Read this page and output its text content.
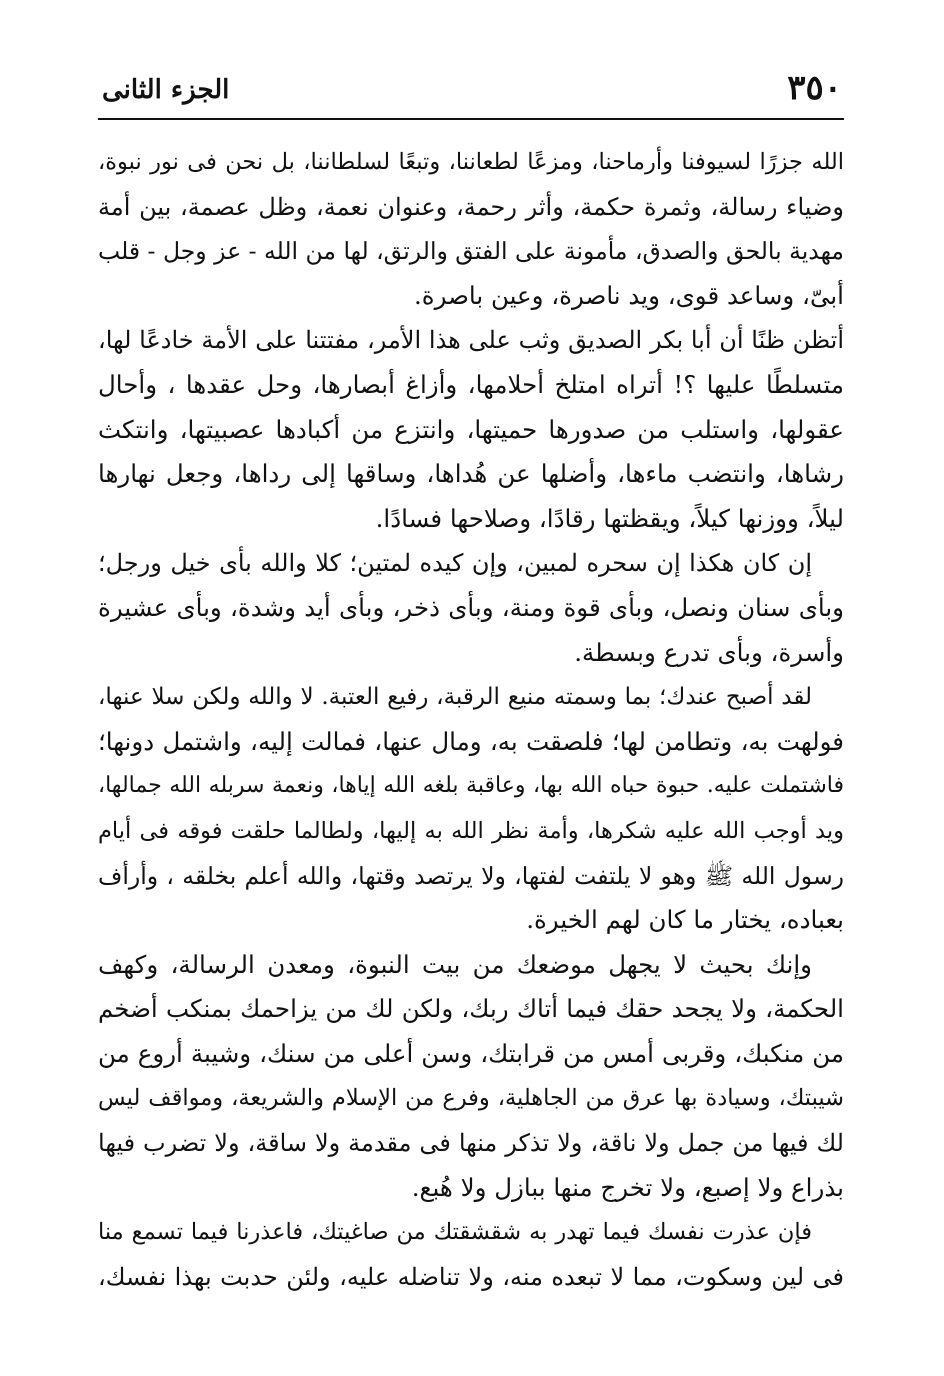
٣٥٠
الجزء الثانى
الله جزرًا لسيوفنا وأرماحنا، ومزعًا لطعاننا، وتبعًا لسلطاننا، بل نحن فى نور نبوة،
وضياء رسالة، وثمرة حكمة، وأثر رحمة، وعنوان نعمة، وظل عصمة، بين أمة
مهدية بالحق والصدق، مأمونة على الفتق والرتق، لها من الله - عز وجل - قلب
أبىّ، وساعد قوى، ويد ناصرة، وعين باصرة.
أتظن ظنًا أن أبا بكر الصديق وثب على هذا الأمر، مفتتنا على الأمة خادعًا لها،
متسلطًا عليها ؟! أتراه امتلخ أحلامها، وأزاغ أبصارها، وحل عقدها ، وأحال
عقولها، واستلب من صدورها حميتها، وانتزع من أكبادها عصبيتها، وانتكث
رشاها، وانتضب ماءها، وأضلها عن هُداها، وساقها إلى رداها، وجعل نهارها
ليلاً، ووزنها كيلاً، ويقظتها رقادًا، وصلاحها فسادًا.
إن كان هكذا إن سحره لمبين، وإن كيده لمتين؛ كلا والله بأى خيل ورجل؛
وبأى سنان ونصل، وبأى قوة ومنة، وبأى ذخر، وبأى أيد وشدة، وبأى عشيرة
وأسرة، وبأى تدرع وبسطة.
لقد أصبح عندك؛ بما وسمته منيع الرقبة، رفيع العتبة. لا والله ولكن سلا عنها،
فولهت به، وتطامن لها؛ فلصقت به، ومال عنها، فمالت إليه، واشتمل دونها؛
فاشتملت عليه. حبوة حباه الله بها، وعاقبة بلغه الله إياها، ونعمة سربله الله جمالها،
ويد أوجب الله عليه شكرها، وأمة نظر الله به إليها، ولطالما حلقت فوقه فى أيام
رسول الله ﷺ وهو لا يلتفت لفتها، ولا يرتصد وقتها، والله أعلم بخلقه ، وأرأف
بعباده، يختار ما كان لهم الخيرة.
وإنك بحيث لا يجهل موضعك من بيت النبوة، ومعدن الرسالة، وكهف
الحكمة، ولا يجحد حقك فيما أتاك ربك، ولكن لك من يزاحمك بمنكب أضخم
من منكبك، وقربى أمس من قرابتك، وسن أعلى من سنك، وشيبة أروع من
شيبتك، وسيادة بها عرق من الجاهلية، وفرع من الإسلام والشريعة، ومواقف ليس
لك فيها من جمل ولا ناقة، ولا تذكر منها فى مقدمة ولا ساقة، ولا تضرب فيها
بذراع ولا إصبع، ولا تخرج منها ببازل ولا هُبع.
فإن عذرت نفسك فيما تهدر به شقشقتك من صاغيتك، فاعذرنا فيما تسمع منا
فى لين وسكوت، مما لا تبعده منه، ولا تناضله عليه، ولئن حدبت بهذا نفسك،
